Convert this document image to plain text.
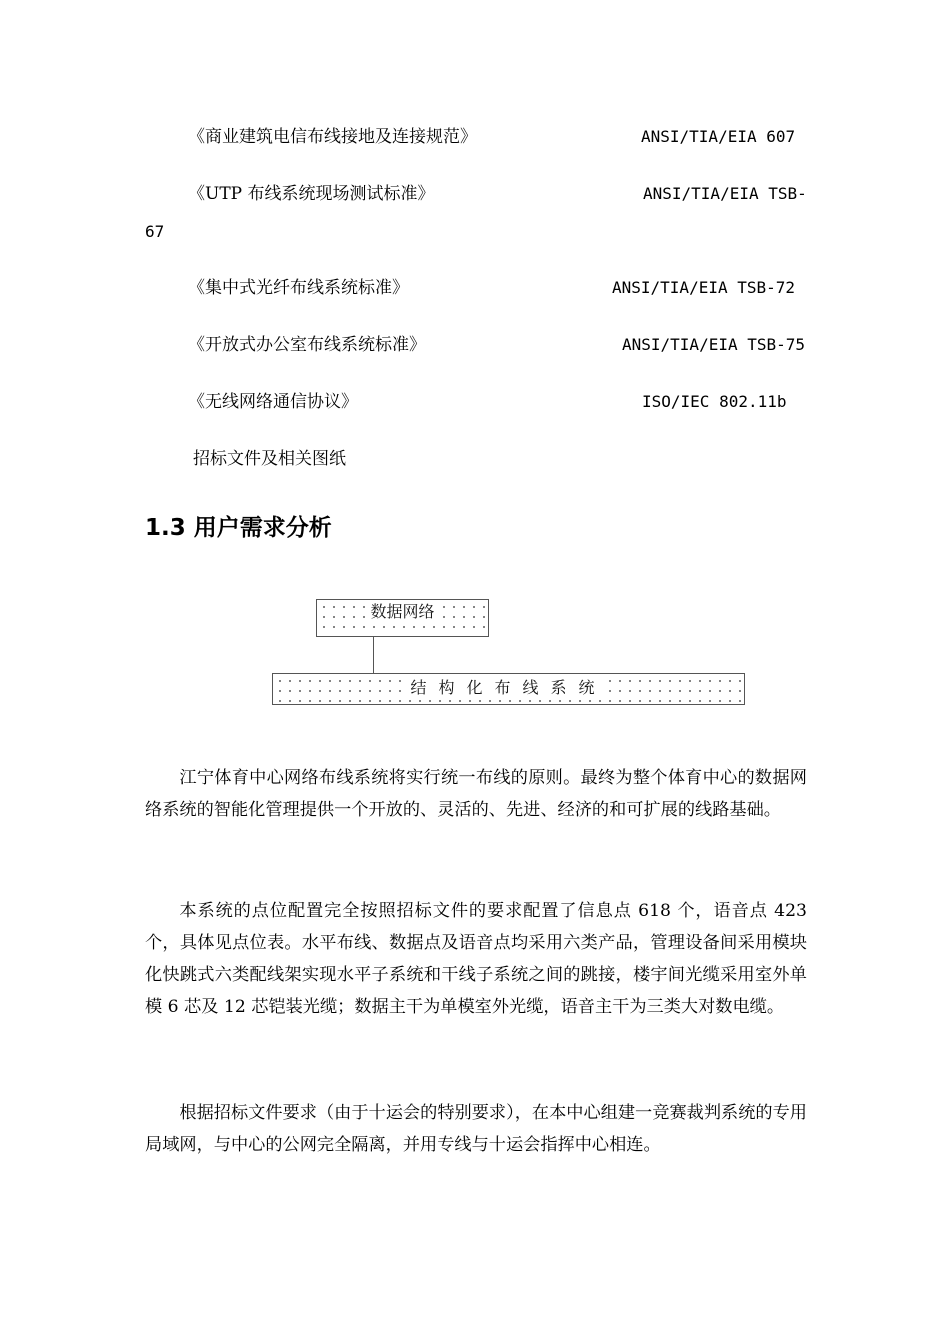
《商业建筑电信布线接地及连接规范》	ANSI/TIA/EIA 607
《UTP 布线系统现场测试标准》	ANSI/TIA/EIA TSB-
67
《集中式光纤布线系统标准》	ANSI/TIA/EIA TSB-72
《开放式办公室布线系统标准》	ANSI/TIA/EIA TSB-75
《无线网络通信协议》	ISO/IEC 802.11b
招标文件及相关图纸
1.3 用户需求分析
数据网络
结构化布线系统

江宁体育中心网络布线系统将实行统一布线的原则。最终为整个体育中心的数据网络系统的智能化管理提供一个开放的、灵活的、先进、经济的和可扩展的线路基础。

本系统的点位配置完全按照招标文件的要求配置了信息点 618 个，语音点 423 个，具体见点位表。水平布线、数据点及语音点均采用六类产品，管理设备间采用模块化快跳式六类配线架实现水平子系统和干线子系统之间的跳接，楼宇间光缆采用室外单模 6 芯及 12 芯铠装光缆；数据主干为单模室外光缆，语音主干为三类大对数电缆。

根据招标文件要求（由于十运会的特别要求），在本中心组建一竞赛裁判系统的专用局域网，与中心的公网完全隔离，并用专线与十运会指挥中心相连。
